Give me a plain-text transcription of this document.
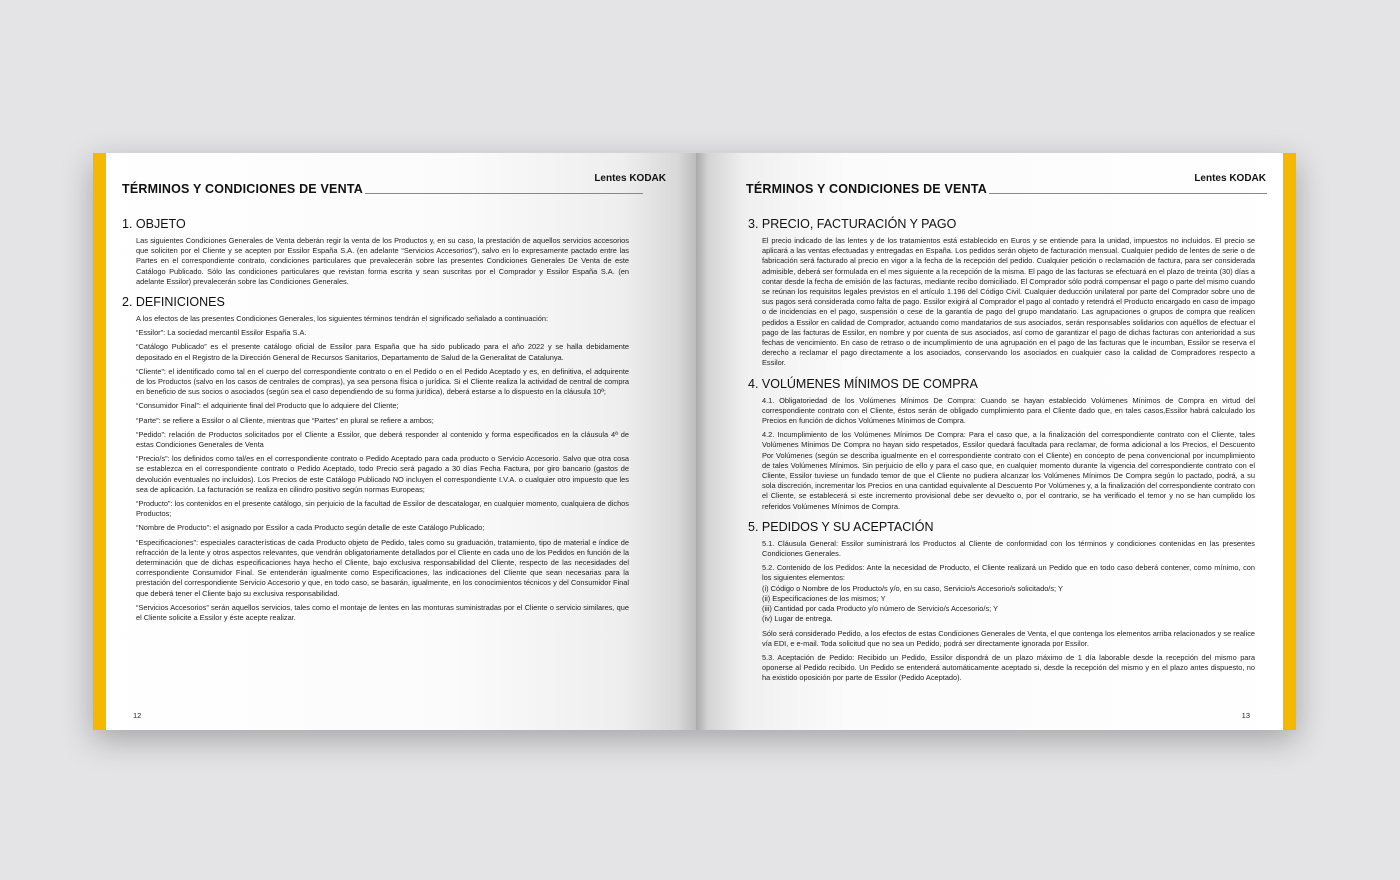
Lentes KODAK
TÉRMINOS Y CONDICIONES DE VENTA
1. OBJETO

Las siguientes Condiciones Generales de Venta deberán regir la venta de los Productos y, en su caso, la prestación de aquellos servicios accesorios que soliciten por el Cliente y se acepten por Essilor España S.A. (en adelante “Servicios Accesorios”), salvo en lo expresamente pactado entre las Partes en el correspondiente contrato, condiciones particulares que prevalecerán sobre las presentes Condiciones Generales De Venta de este Catálogo Publicado. Sólo las condiciones particulares que revistan forma escrita y sean suscritas por el Comprador y Essilor España S.A. (en adelante Essilor) prevalecerán sobre las Condiciones Generales.

2. DEFINICIONES

A los efectos de las presentes Condiciones Generales, los siguientes términos tendrán el significado señalado a continuación:

“Essilor”: La sociedad mercantil Essilor España S.A.

“Catálogo Publicado” es el presente catálogo oficial de Essilor para España que ha sido publicado para el año 2022 y se halla debidamente depositado en el Registro de la Dirección General de Recursos Sanitarios, Departamento de Salud de la Generalitat de Catalunya.

“Cliente”: el identificado como tal en el cuerpo del correspondiente contrato o en el Pedido o en el Pedido Aceptado y es, en definitiva, el adquirente de los Productos (salvo en los casos de centrales de compras), ya sea persona física o jurídica. Si el Cliente realiza la actividad de central de compra en beneficio de sus socios o asociados (según sea el caso dependiendo de su forma jurídica), deberá estarse a lo dispuesto en la cláusula 10ª;

“Consumidor Final”: el adquiriente final del Producto que lo adquiere del Cliente;

“Parte”: se refiere a Essilor o al Cliente, mientras que “Partes” en plural se refiere a ambos;

“Pedido”: relación de Productos solicitados por el Cliente a Essilor, que deberá responder al contenido y forma especificados en la cláusula 4ª de estas Condiciones Generales de Venta

“Precio/s”: los definidos como tal/es en el correspondiente contrato o Pedido Aceptado para cada producto o Servicio Accesorio. Salvo que otra cosa se establezca en el correspondiente contrato o Pedido Aceptado, todo Precio será pagado a 30 días Fecha Factura, por giro bancario (gastos de devolución eventuales no incluidos). Los Precios de este Catálogo Publicado NO incluyen el correspondiente I.V.A. o cualquier otro impuesto que les sea de aplicación. La facturación se realiza en cilindro positivo según normas Europeas;

“Producto”: los contenidos en el presente catálogo, sin perjuicio de la facultad de Essilor de descatalogar, en cualquier momento, cualquiera de dichos Productos;

“Nombre de Producto”: el asignado por Essilor a cada Producto según detalle de este Catálogo Publicado;

“Especificaciones”: especiales características de cada Producto objeto de Pedido, tales como su graduación, tratamiento, tipo de material e índice de refracción de la lente y otros aspectos relevantes, que vendrán obligatoriamente detallados por el Cliente en cada uno de los Pedidos en función de la determinación que de dichas especificaciones haya hecho el Cliente, bajo exclusiva responsabilidad del Cliente, respecto de las necesidades del correspondiente Consumidor Final. Se entenderán igualmente como Especificaciones, las indicaciones del Cliente que sean necesarias para la prestación del correspondiente Servicio Accesorio y que, en todo caso, se basarán, igualmente, en los conocimientos técnicos y del Consumidor Final que deberá tener el Cliente bajo su exclusiva responsabilidad.

“Servicios Accesorios” serán aquellos servicios, tales como el montaje de lentes en las monturas suministradas por el Cliente o servicio similares, que el Cliente solicite a Essilor y éste acepte realizar.

12
Lentes KODAK
TÉRMINOS Y CONDICIONES DE VENTA
3. PRECIO, FACTURACIÓN Y PAGO

El precio indicado de las lentes y de los tratamientos está establecido en Euros y se entiende para la unidad, impuestos no incluidos. El precio se aplicará a las ventas efectuadas y entregadas en España. Los pedidos serán objeto de facturación mensual. Cualquier pedido de lentes de serie o de fabricación será facturado al precio en vigor a la fecha de la recepción del pedido. Cualquier petición o reclamación de factura, para ser considerada admisible, deberá ser formulada en el mes siguiente a la recepción de la misma. El pago de las facturas se efectuará en el plazo de treinta (30) días a contar desde la fecha de emisión de las facturas, mediante recibo domiciliado. El Comprador sólo podrá compensar el pago o parte del mismo cuando se reúnan los requisitos legales previstos en el artículo 1.196 del Código Civil. Cualquier deducción unilateral por parte del Comprador sobre uno de sus pagos será considerada como falta de pago. Essilor exigirá al Comprador el pago al contado y retendrá el Producto encargado en caso de impago o de incidencias en el pago, suspensión o cese de la garantía de pago del grupo mandatario. Las agrupaciones o grupos de compra que realicen pedidos a Essilor en calidad de Comprador, actuando como mandatarios de sus asociados, serán responsables solidarios con aquéllos de efectuar el pago de las facturas de Essilor, en nombre y por cuenta de sus asociados, así como de garantizar el pago de dichas facturas con anterioridad a sus fechas de vencimiento. En caso de retraso o de incumplimiento de una agrupación en el pago de las facturas que le incumban, Essilor se reserva el derecho a reclamar el pago directamente a los asociados, conservando los asociados en cualquier caso la calidad de Compradores respecto a Essilor.

4. VOLÚMENES MÍNIMOS DE COMPRA

4.1. Obligatoriedad de los Volúmenes Mínimos De Compra: Cuando se hayan establecido Volúmenes Mínimos de Compra en virtud del correspondiente contrato con el Cliente, éstos serán de obligado cumplimiento para el Cliente dado que, en tales casos,Essilor habrá calculado los Precios en función de dichos Volúmenes Mínimos de Compra.

4.2. Incumplimiento de los Volúmenes Mínimos De Compra: Para el caso que, a la finalización del correspondiente contrato con el Cliente, tales Volúmenes Mínimos De Compra no hayan sido respetados, Essilor quedará facultada para reclamar, de forma adicional a los Precios, el Descuento Por Volúmenes (según se describa igualmente en el correspondiente contrato con el Cliente) en concepto de pena convencional por incumplimiento de tales Volúmenes Mínimos. Sin perjuicio de ello y para el caso que, en cualquier momento durante la vigencia del correspondiente contrato con el Cliente, Essilor tuviese un fundado temor de que el Cliente no pudiera alcanzar los Volúmenes Mínimos De Compra según lo pactado, podrá, a su sola discreción, incrementar los Precios en una cantidad equivalente al Descuento Por Volúmenes y, a la finalización del correspondiente contrato con el Cliente, se establecerá si este incremento provisional debe ser devuelto o, por el contrario, se ha verificado el temor y no se han cumplido los referidos Volúmenes Mínimos de Compra.

5. PEDIDOS Y SU ACEPTACIÓN

5.1. Cláusula General: Essilor suministrará los Productos al Cliente de conformidad con los términos y condiciones contenidas en las presentes Condiciones Generales.

5.2. Contenido de los Pedidos: Ante la necesidad de Producto, el Cliente realizará un Pedido que en todo caso deberá contener, como mínimo, con los siguientes elementos:

(i) Código o Nombre de los Producto/s y/o, en su caso, Servicio/s Accesorio/s solicitado/s; Y

(ii) Especificaciones de los mismos; Y

(iii) Cantidad por cada Producto y/o número de Servicio/s Accesorio/s; Y

(iv) Lugar de entrega.

Sólo será considerado Pedido, a los efectos de estas Condiciones Generales de Venta, el que contenga los elementos arriba relacionados y se realice vía EDI, e e-mail. Toda solicitud que no sea un Pedido, podrá ser directamente ignorada por Essilor.

5.3. Aceptación de Pedido: Recibido un Pedido, Essilor dispondrá de un plazo máximo de 1 día laborable desde la recepción del mismo para oponerse al Pedido recibido. Un Pedido se entenderá automáticamente aceptado si, desde la recepción del mismo y en el plazo antes dispuesto, no ha existido oposición por parte de Essilor (Pedido Aceptado).

13
